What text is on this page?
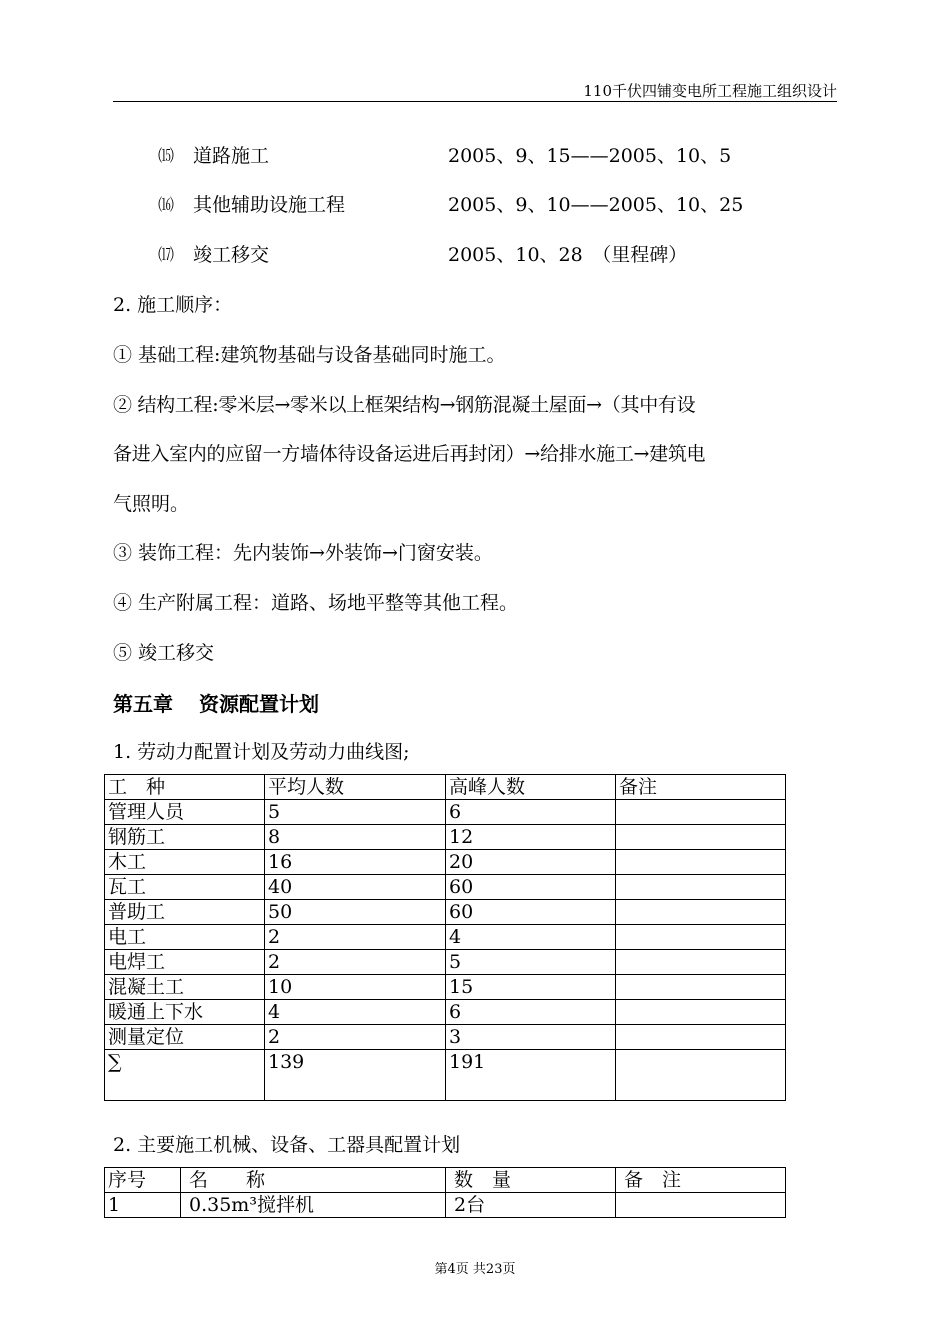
110千伏四铺变电所工程施工组织设计
⒂ 道路施工	2005、9、15——2005、10、5
⒃ 其他辅助设施工程	2005、9、10——2005、10、25
⒄ 竣工移交	2005、10、28　（里程碑）
2. 施工顺序：
① 基础工程:建筑物基础与设备基础同时施工。
② 结构工程:零米层→零米以上框架结构→钢筋混凝土屋面→（其中有设
备进入室内的应留一方墙体待设备运进后再封闭）→给排水施工→建筑电
气照明。
③ 装饰工程：先内装饰→外装饰→门窗安装。
④ 生产附属工程：道路、场地平整等其他工程。
⑤ 竣工移交
第五章 资源配置计划
1. 劳动力配置计划及劳动力曲线图;
工　种	平均人数	高峰人数	备注
管理人员	5	6	
钢筋工	8	12	
木工	16	20	
瓦工	40	60	
普助工	50	60	
电工	2	4	
电焊工	2	5	
混凝土工	10	15	
暖通上下水	4	6	
测量定位	2	3	
∑	139	191	
2. 主要施工机械、设备、工器具配置计划
序号	名　　称	数　量	备　注
1	0.35m³搅拌机	2台	
第4页 共23页
